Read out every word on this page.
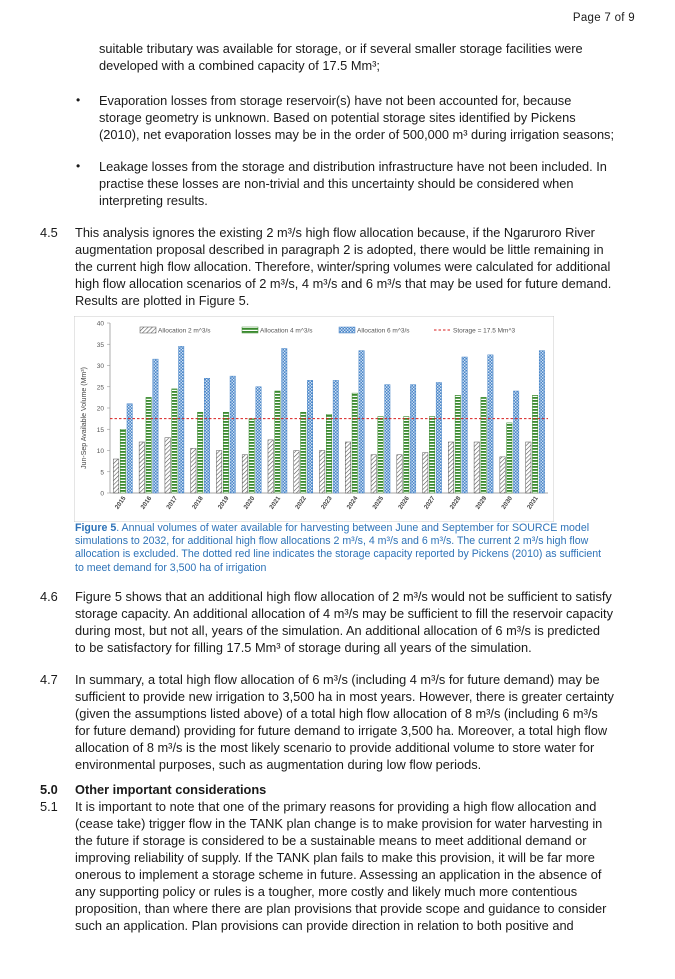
Page 7 of 9

suitable tributary was available for storage, or if several smaller storage facilities were

developed with a combined capacity of 17.5 Mm³;

• Evaporation losses from storage reservoir(s) have not been accounted for, because

storage geometry is unknown. Based on potential storage sites identified by Pickens

(2010), net evaporation losses may be in the order of 500,000 m³ during irrigation seasons;

• Leakage losses from the storage and distribution infrastructure have not been included. In

practise these losses are non-trivial and this uncertainty should be considered when

interpreting results.

4.5 This analysis ignores the existing 2 m³/s high flow allocation because, if the Ngaruroro River

augmentation proposal described in paragraph 2 is adopted, there would be little remaining in

the current high flow allocation. Therefore, winter/spring volumes were calculated for additional

high flow allocation scenarios of 2 m³/s, 4 m³/s and 6 m³/s that may be used for future demand.

Results are plotted in Figure 5.

0
5
10
15
20
25
30
35
40
Jun-Sep Available Volume (Mm³)
2015 2016 2017 2018 2019 2020 2021 2022 2023 2024 2025 2026 2027 2028 2029 2030 2031
Allocation 2 m^3/s	Allocation 4 m^3/s	Allocation 6 m^3/s	Storage = 17.5 Mm^3
Figure 5. Annual volumes of water available for harvesting between June and September for SOURCE model
simulations to 2032, for additional high flow allocations 2 m³/s, 4 m³/s and 6 m³/s. The current 2 m³/s high flow
allocation is excluded. The dotted red line indicates the storage capacity reported by Pickens (2010) as sufficient
to meet demand for 3,500 ha of irrigation
4.6 Figure 5 shows that an additional high flow allocation of 2 m³/s would not be sufficient to satisfy

storage capacity. An additional allocation of 4 m³/s may be sufficient to fill the reservoir capacity

during most, but not all, years of the simulation. An additional allocation of 6 m³/s is predicted

to be satisfactory for filling 17.5 Mm³ of storage during all years of the simulation.

4.7 In summary, a total high flow allocation of 6 m³/s (including 4 m³/s for future demand) may be

sufficient to provide new irrigation to 3,500 ha in most years. However, there is greater certainty

(given the assumptions listed above) of a total high flow allocation of 8 m³/s (including 6 m³/s

for future demand) providing for future demand to irrigate 3,500 ha. Moreover, a total high flow

allocation of 8 m³/s is the most likely scenario to provide additional volume to store water for

environmental purposes, such as augmentation during low flow periods.

5.0 Other important considerations
5.1 It is important to note that one of the primary reasons for providing a high flow allocation and

(cease take) trigger flow in the TANK plan change is to make provision for water harvesting in

the future if storage is considered to be a sustainable means to meet additional demand or

improving reliability of supply. If the TANK plan fails to make this provision, it will be far more

onerous to implement a storage scheme in future. Assessing an application in the absence of

any supporting policy or rules is a tougher, more costly and likely much more contentious

proposition, than where there are plan provisions that provide scope and guidance to consider

such an application. Plan provisions can provide direction in relation to both positive and
